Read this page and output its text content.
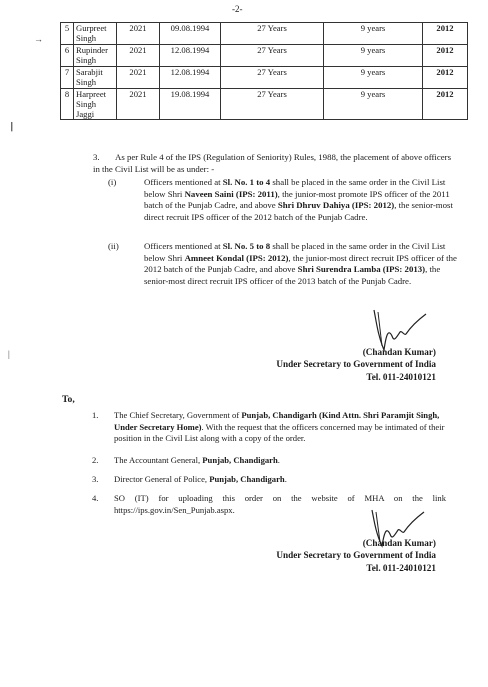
-2-
→
❘
|
5	Gurpreet Singh	2021	09.08.1994	27 Years	9 years	2012
6	Rupinder Singh	2021	12.08.1994	27 Years	9 years	2012
7	Sarabjit Singh	2021	12.08.1994	27 Years	9 years	2012
8	Harpreet Singh Jaggi	2021	19.08.1994	27 Years	9 years	2012
3. As per Rule 4 of the IPS (Regulation of Seniority) Rules, 1988, the placement of above officers in the Civil List will be as under: -
(i)	Officers mentioned at Sl. No. 1 to 4 shall be placed in the same order in the Civil List below Shri Naveen Saini (IPS: 2011), the junior-most promote IPS officer of the 2011 batch of the Punjab Cadre, and above Shri Dhruv Dahiya (IPS: 2012), the senior-most direct recruit IPS officer of the 2012 batch of the Punjab Cadre.
(ii)	Officers mentioned at Sl. No. 5 to 8 shall be placed in the same order in the Civil List below Shri Amneet Kondal (IPS: 2012), the junior-most direct recruit IPS officer of the 2012 batch of the Punjab Cadre, and above Shri Surendra Lamba (IPS: 2013), the senior-most direct recruit IPS officer of the 2013 batch of the Punjab Cadre.
(Chandan Kumar)
Under Secretary to Government of India
Tel. 011-24010121
To,
1. The Chief Secretary, Government of Punjab, Chandigarh (Kind Attn. Shri Paramjit Singh, Under Secretary Home). With the request that the officers concerned may be intimated of their position in the Civil List along with a copy of the order.
2. The Accountant General, Punjab, Chandigarh.
3. Director General of Police, Punjab, Chandigarh.
4. SO (IT) for uploading this order on the website of MHA on the link https://ips.gov.in/Sen_Punjab.aspx.
(Chandan Kumar)
Under Secretary to Government of India
Tel. 011-24010121
